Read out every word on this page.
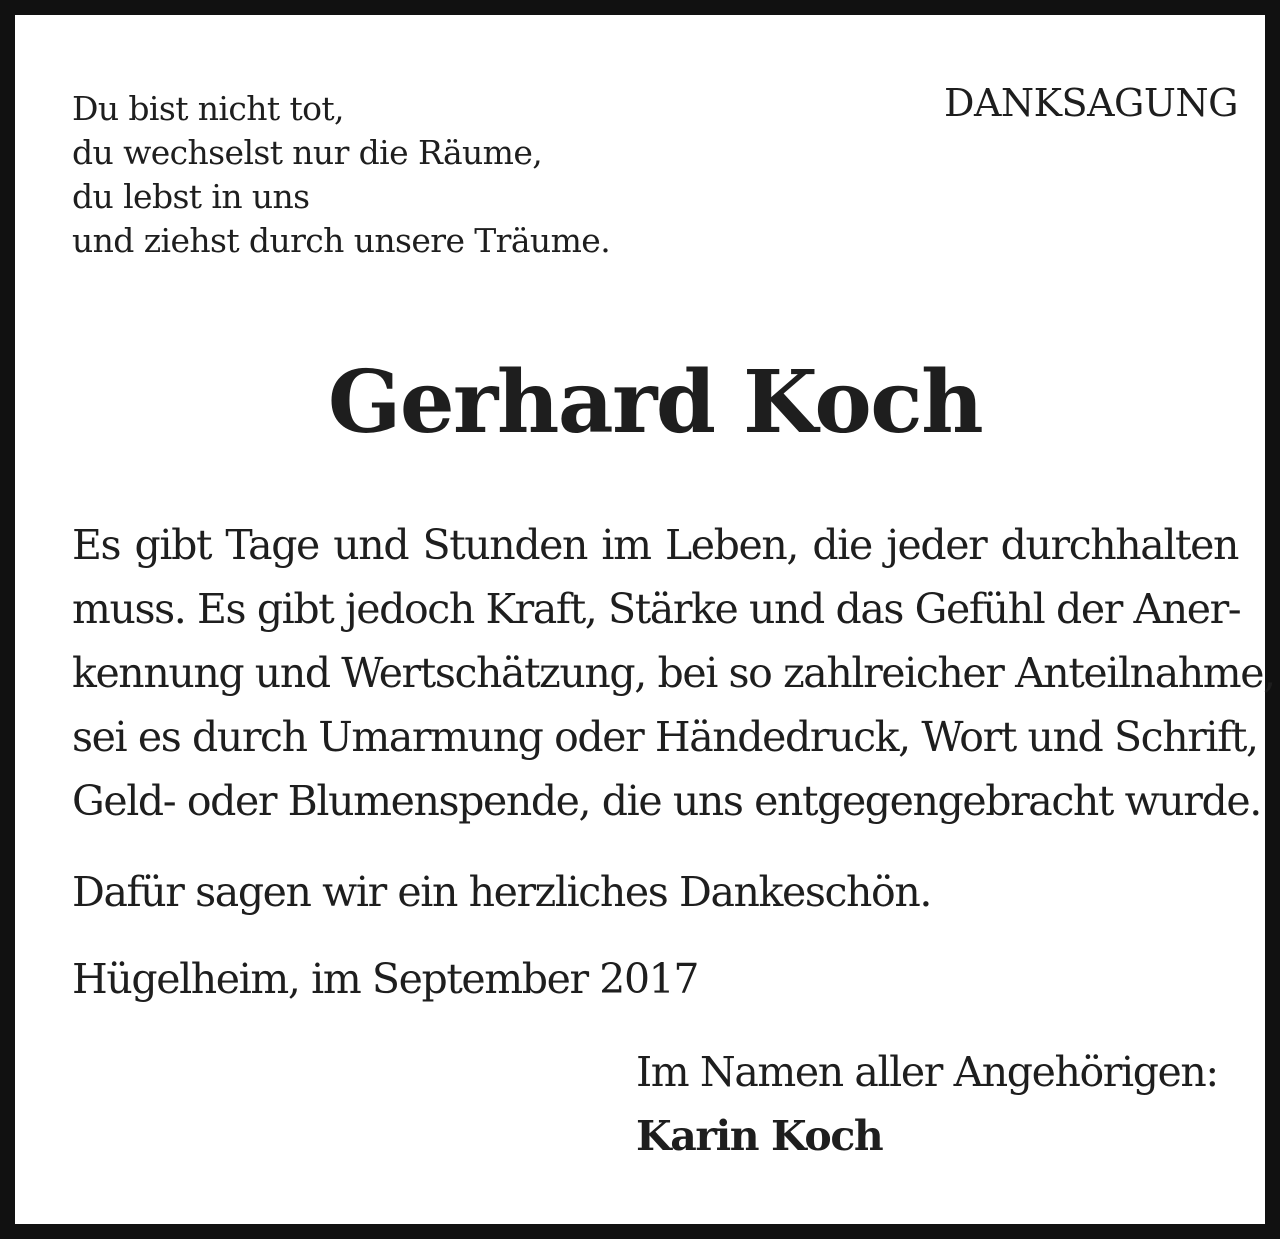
Du bist nicht tot,
du wechselst nur die Räume,
du lebst in uns
und ziehst durch unsere Träume.
DANKSAGUNG
Gerhard Koch
Es gibt Tage und Stunden im Leben, die jeder durchhalten
muss. Es gibt jedoch Kraft, Stärke und das Gefühl der Aner-
kennung und Wertschätzung, bei so zahlreicher Anteilnahme,
sei es durch Umarmung oder Händedruck, Wort und Schrift,
Geld- oder Blumenspende, die uns entgegengebracht wurde.
Dafür sagen wir ein herzliches Dankeschön.
Hügelheim, im September 2017
Im Namen aller Angehörigen:
Karin Koch
